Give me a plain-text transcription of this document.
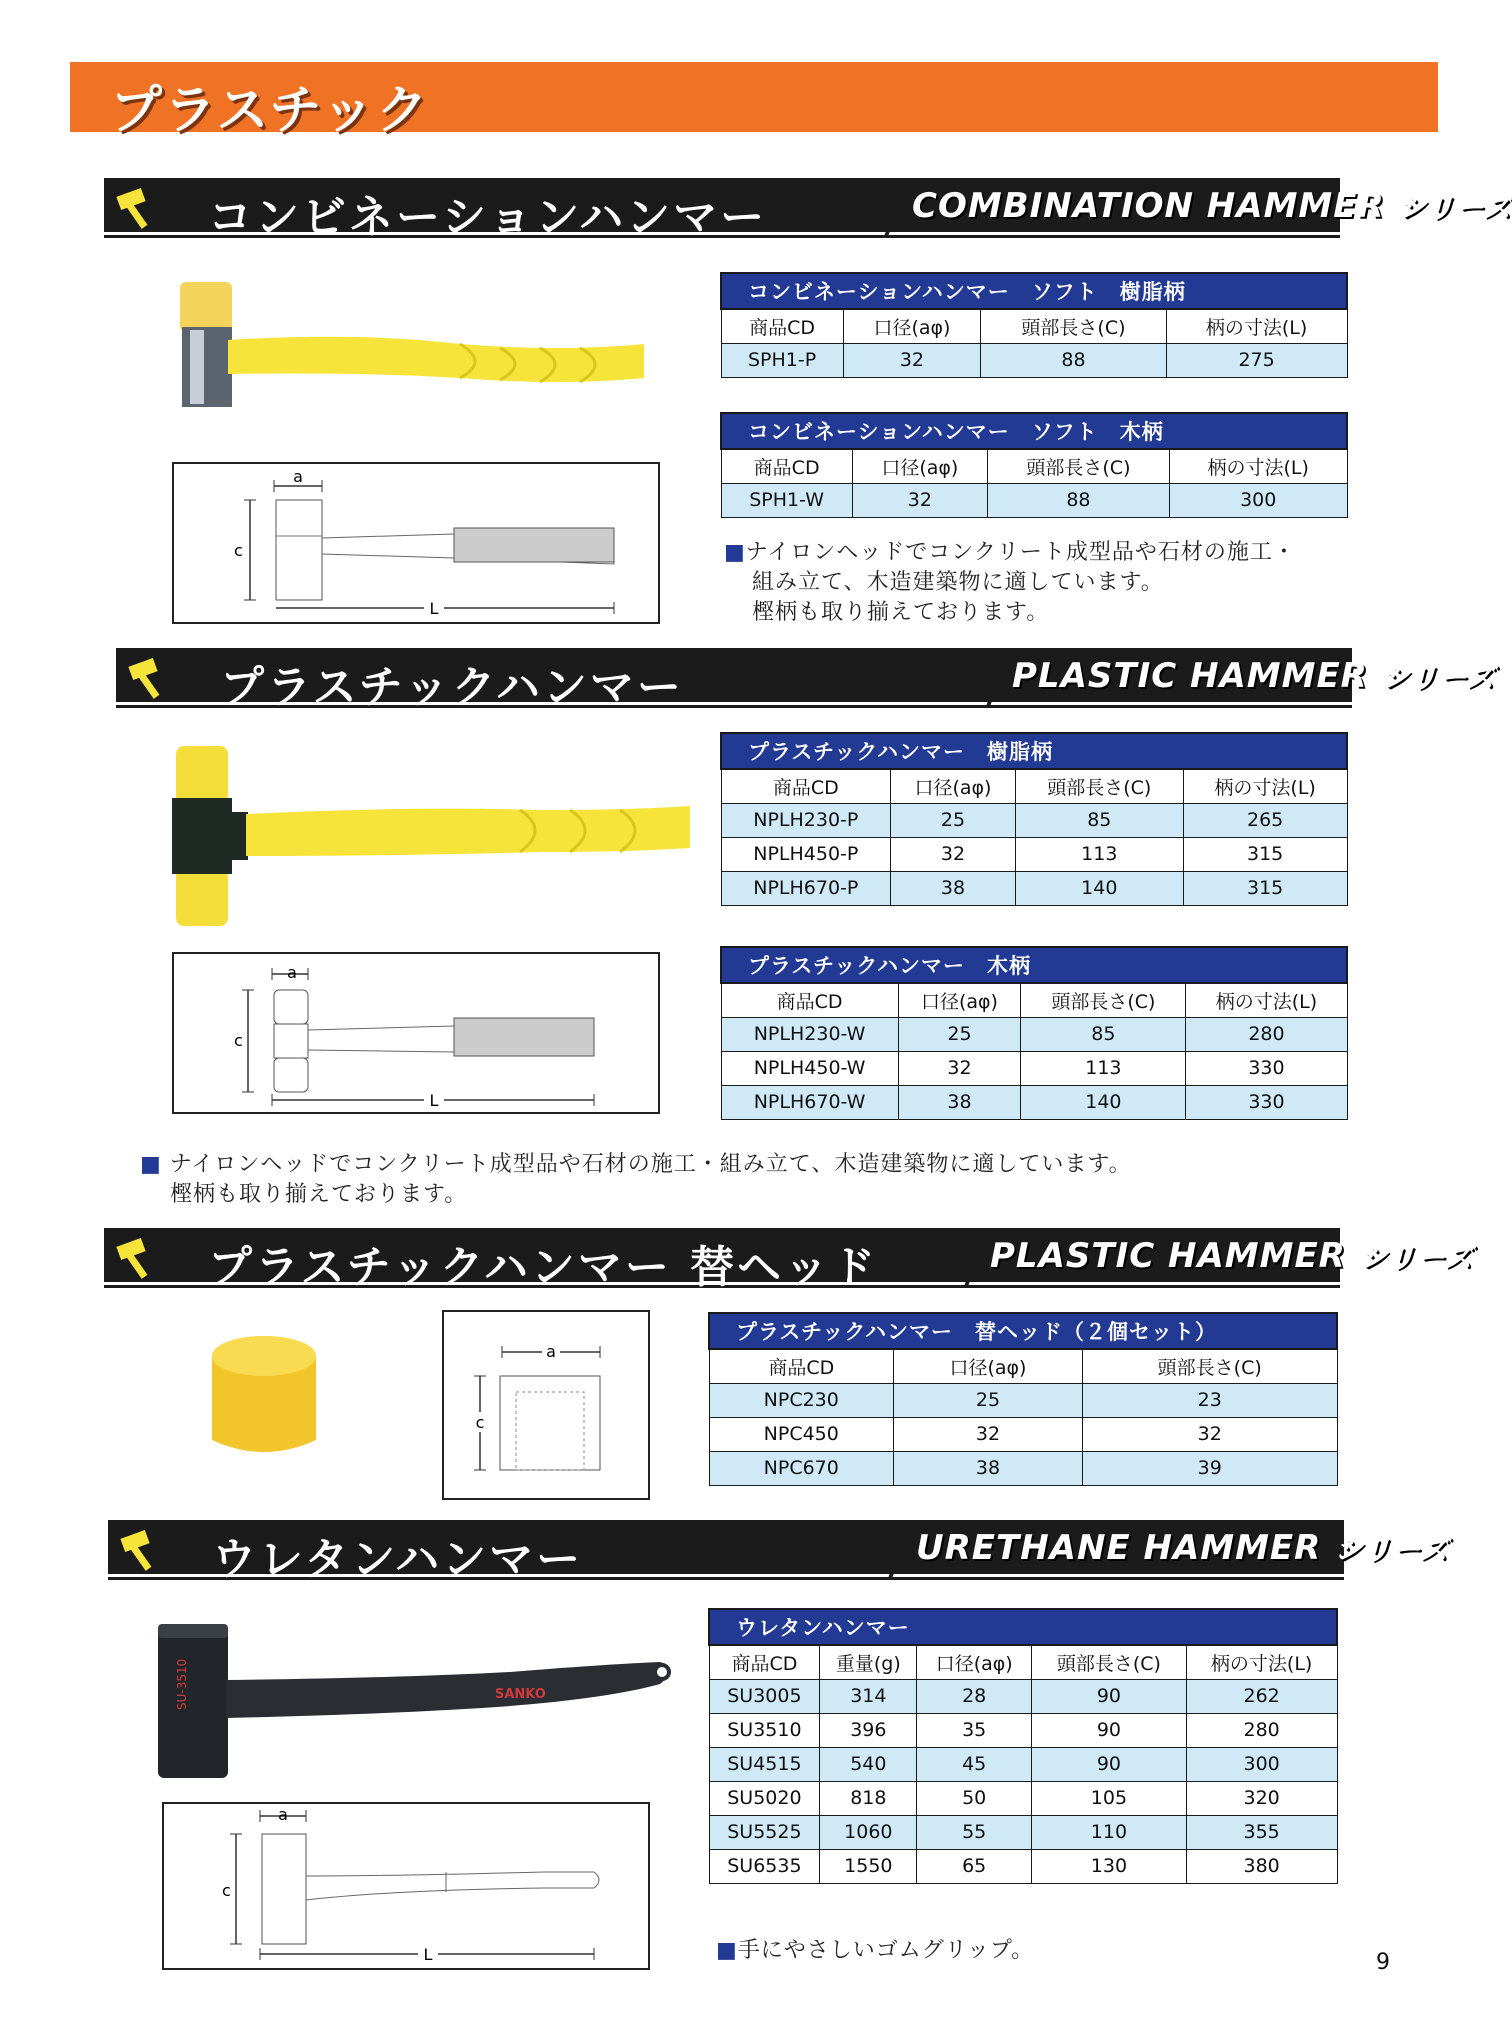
プラスチック
コンビネーションハンマー	COMBINATION HAMMER シリーズ
a
c
L
コンビネーションハンマー　ソフト　樹脂柄			
商品CD	口径(aφ)	頭部長さ(C)	柄の寸法(L)
SPH1-P	32	88	275
コンビネーションハンマー　ソフト　木柄			
商品CD	口径(aφ)	頭部長さ(C)	柄の寸法(L)
SPH1-W	32	88	300
■ナイロンヘッドでコンクリート成型品や石材の施工・
組み立て、木造建築物に適しています。
樫柄も取り揃えております。
プラスチックハンマー	PLASTIC HAMMER シリーズ
a
c
L
プラスチックハンマー　樹脂柄			
商品CD	口径(aφ)	頭部長さ(C)	柄の寸法(L)
NPLH230-P	25	85	265
NPLH450-P	32	113	315
NPLH670-P	38	140	315
プラスチックハンマー　木柄			
商品CD	口径(aφ)	頭部長さ(C)	柄の寸法(L)
NPLH230-W	25	85	280
NPLH450-W	32	113	330
NPLH670-W	38	140	330
■ ナイロンヘッドでコンクリート成型品や石材の施工・組み立て、木造建築物に適しています。
樫柄も取り揃えております。
プラスチックハンマー 替ヘッド	PLASTIC HAMMER シリーズ
a
c
プラスチックハンマー　替ヘッド（２個セット）		
商品CD	口径(aφ)	頭部長さ(C)
NPC230	25	23
NPC450	32	32
NPC670	38	39
ウレタンハンマー	URETHANE HAMMER シリーズ
SU-3510	SANKO
a
c
L
ウレタンハンマー				
商品CD	重量(g)	口径(aφ)	頭部長さ(C)	柄の寸法(L)
SU3005	314	28	90	262
SU3510	396	35	90	280
SU4515	540	45	90	300
SU5020	818	50	105	320
SU5525	1060	55	110	355
SU6535	1550	65	130	380
■手にやさしいゴムグリップ。	9
